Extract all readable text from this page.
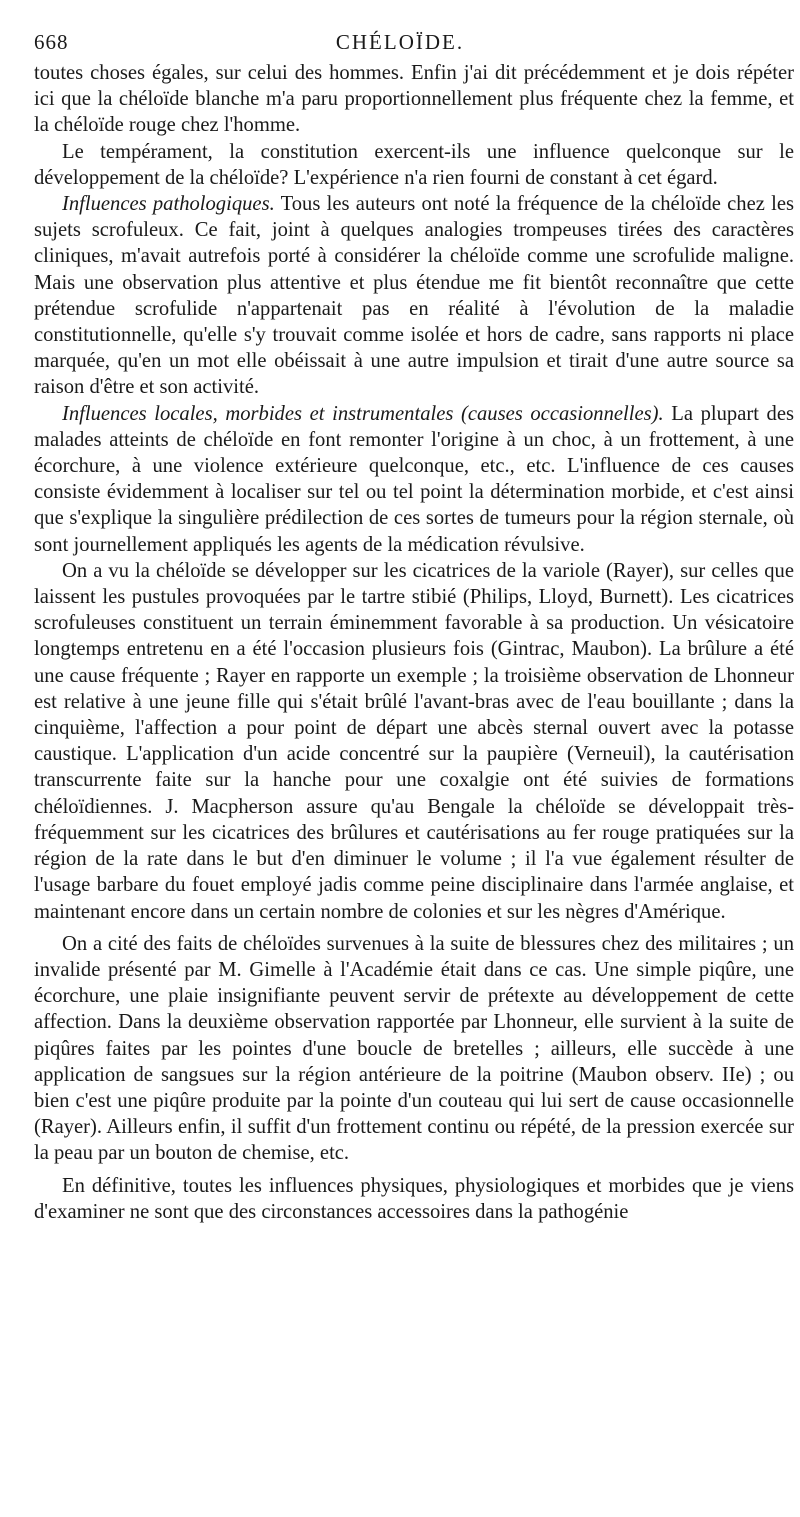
668	CHÉLOÏDE.

toutes choses égales, sur celui des hommes. Enfin j'ai dit précédemment et je dois répéter ici que la chéloïde blanche m'a paru proportionnellement plus fréquente chez la femme, et la chéloïde rouge chez l'homme.

Le tempérament, la constitution exercent-ils une influence quelconque sur le développement de la chéloïde? L'expérience n'a rien fourni de constant à cet égard.

Influences pathologiques. Tous les auteurs ont noté la fréquence de la chéloïde chez les sujets scrofuleux. Ce fait, joint à quelques analogies trompeuses tirées des caractères cliniques, m'avait autrefois porté à considérer la chéloïde comme une scrofulide maligne. Mais une observation plus attentive et plus étendue me fit bientôt reconnaître que cette prétendue scrofulide n'appartenait pas en réalité à l'évolution de la maladie constitutionnelle, qu'elle s'y trouvait comme isolée et hors de cadre, sans rapports ni place marquée, qu'en un mot elle obéissait à une autre impulsion et tirait d'une autre source sa raison d'être et son activité.

Influences locales, morbides et instrumentales (causes occasionnelles). La plupart des malades atteints de chéloïde en font remonter l'origine à un choc, à un frottement, à une écorchure, à une violence extérieure quelconque, etc., etc. L'influence de ces causes consiste évidemment à localiser sur tel ou tel point la détermination morbide, et c'est ainsi que s'explique la singulière prédilection de ces sortes de tumeurs pour la région sternale, où sont journellement appliqués les agents de la médication révulsive.

On a vu la chéloïde se développer sur les cicatrices de la variole (Rayer), sur celles que laissent les pustules provoquées par le tartre stibié (Philips, Lloyd, Burnett). Les cicatrices scrofuleuses constituent un terrain éminemment favorable à sa production. Un vésicatoire longtemps entretenu en a été l'occasion plusieurs fois (Gintrac, Maubon). La brûlure a été une cause fréquente ; Rayer en rapporte un exemple ; la troisième observation de Lhonneur est relative à une jeune fille qui s'était brûlé l'avant-bras avec de l'eau bouillante ; dans la cinquième, l'affection a pour point de départ une abcès sternal ouvert avec la potasse caustique. L'application d'un acide concentré sur la paupière (Verneuil), la cautérisation transcurrente faite sur la hanche pour une coxalgie ont été suivies de formations chéloïdiennes. J. Macpherson assure qu'au Bengale la chéloïde se développait très-fréquemment sur les cicatrices des brûlures et cautérisations au fer rouge pratiquées sur la région de la rate dans le but d'en diminuer le volume ; il l'a vue également résulter de l'usage barbare du fouet employé jadis comme peine disciplinaire dans l'armée anglaise, et maintenant encore dans un certain nombre de colonies et sur les nègres d'Amérique.

On a cité des faits de chéloïdes survenues à la suite de blessures chez des militaires ; un invalide présenté par M. Gimelle à l'Académie était dans ce cas. Une simple piqûre, une écorchure, une plaie insignifiante peuvent servir de prétexte au développement de cette affection. Dans la deuxième observation rapportée par Lhonneur, elle survient à la suite de piqûres faites par les pointes d'une boucle de bretelles ; ailleurs, elle succède à une application de sangsues sur la région antérieure de la poitrine (Maubon observ. IIe) ; ou bien c'est une piqûre produite par la pointe d'un couteau qui lui sert de cause occasionnelle (Rayer). Ailleurs enfin, il suffit d'un frottement continu ou répété, de la pression exercée sur la peau par un bouton de chemise, etc.

En définitive, toutes les influences physiques, physiologiques et morbides que je viens d'examiner ne sont que des circonstances accessoires dans la pathogénie
